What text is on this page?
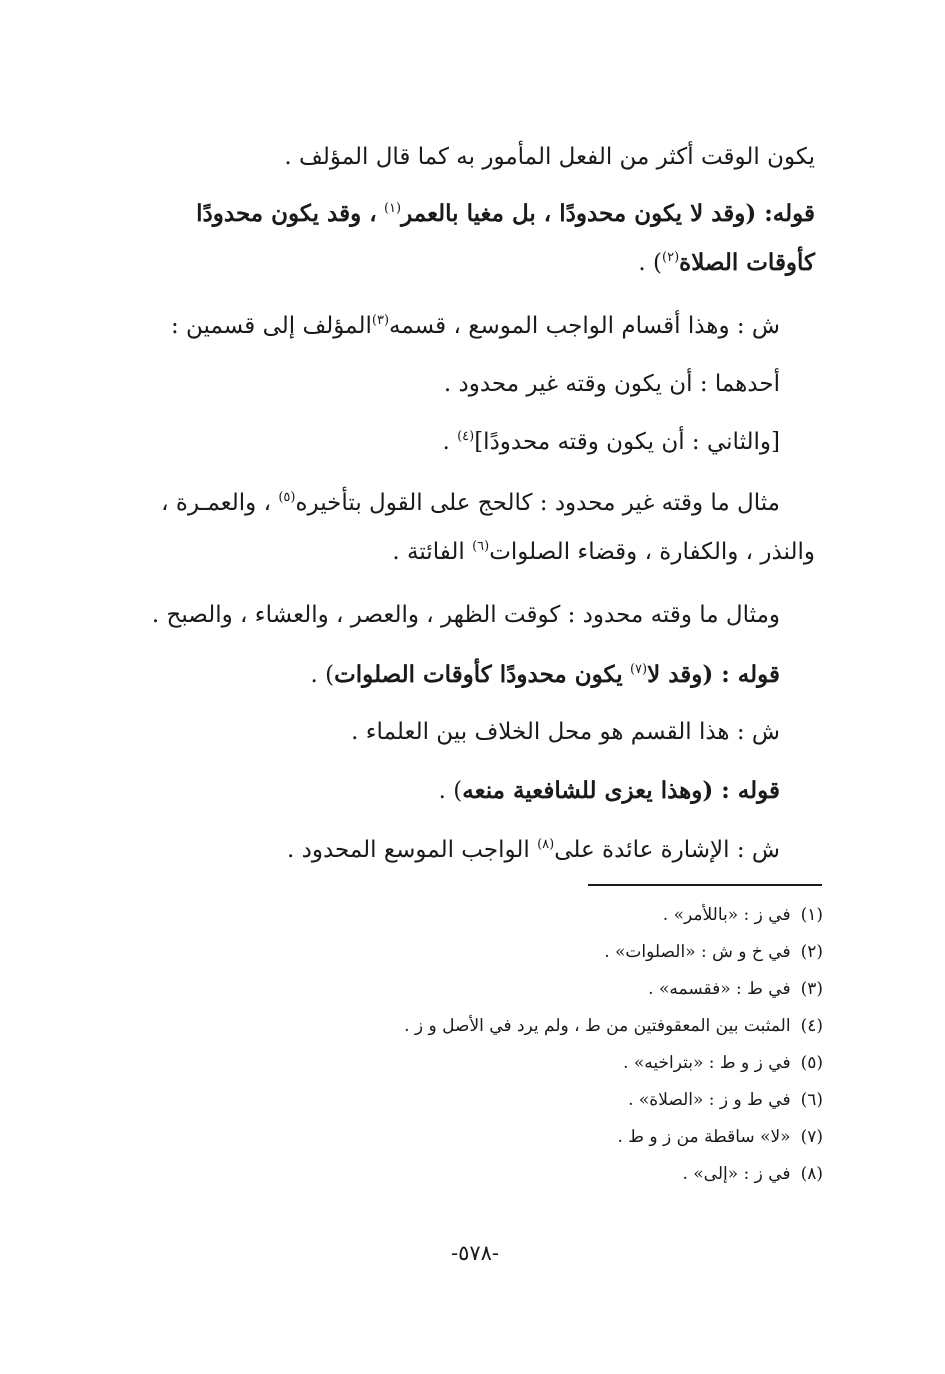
يكون الوقت أكثر من الفعل المأمور به كما قال المؤلف .
قوله: (وقد لا يكون محدودًا ، بل مغيا بالعمر$^{(١)}$ ، وقد يكون محدودًا
كأوقات الصلاة$^{(٢)}$) .
ش : وهذا أقسام الواجب الموسع ، قسمه$^{(٣)}$المؤلف إلى قسمين :
أحدهما : أن يكون وقته غير محدود .
[والثاني : أن يكون وقته محدودًا]$^{(٤)}$ .
مثال ما وقته غير محدود : كالحج على القول بتأخيره$^{(٥)}$ ، والعمـرة ،
والنذر ، والكفارة ، وقضاء الصلوات$^{(٦)}$ الفائتة .
ومثال ما وقته محدود : كوقت الظهر ، والعصر ، والعشاء ، والصبح .
قوله : (وقد لا$^{(٧)}$ يكون محدودًا كأوقات الصلوات) .
ش : هذا القسم هو محل الخلاف بين العلماء .
قوله : (وهذا يعزى للشافعية منعه) .
ش : الإشارة عائدة على$^{(٨)}$ الواجب الموسع المحدود .
(١)في ز : «باللأمر» .
(٢)في خ و ش : «الصلوات» .
(٣)في ط : «فقسمه» .
(٤)المثبت بين المعقوفتين من ط ، ولم يرد في الأصل و ز .
(٥)في ز و ط : «بتراخيه» .
(٦)في ط و ز : «الصلاة» .
(٧)«لا» ساقطة من ز و ط .
(٨)في ز : «إلى» .
-٥٧٨-
